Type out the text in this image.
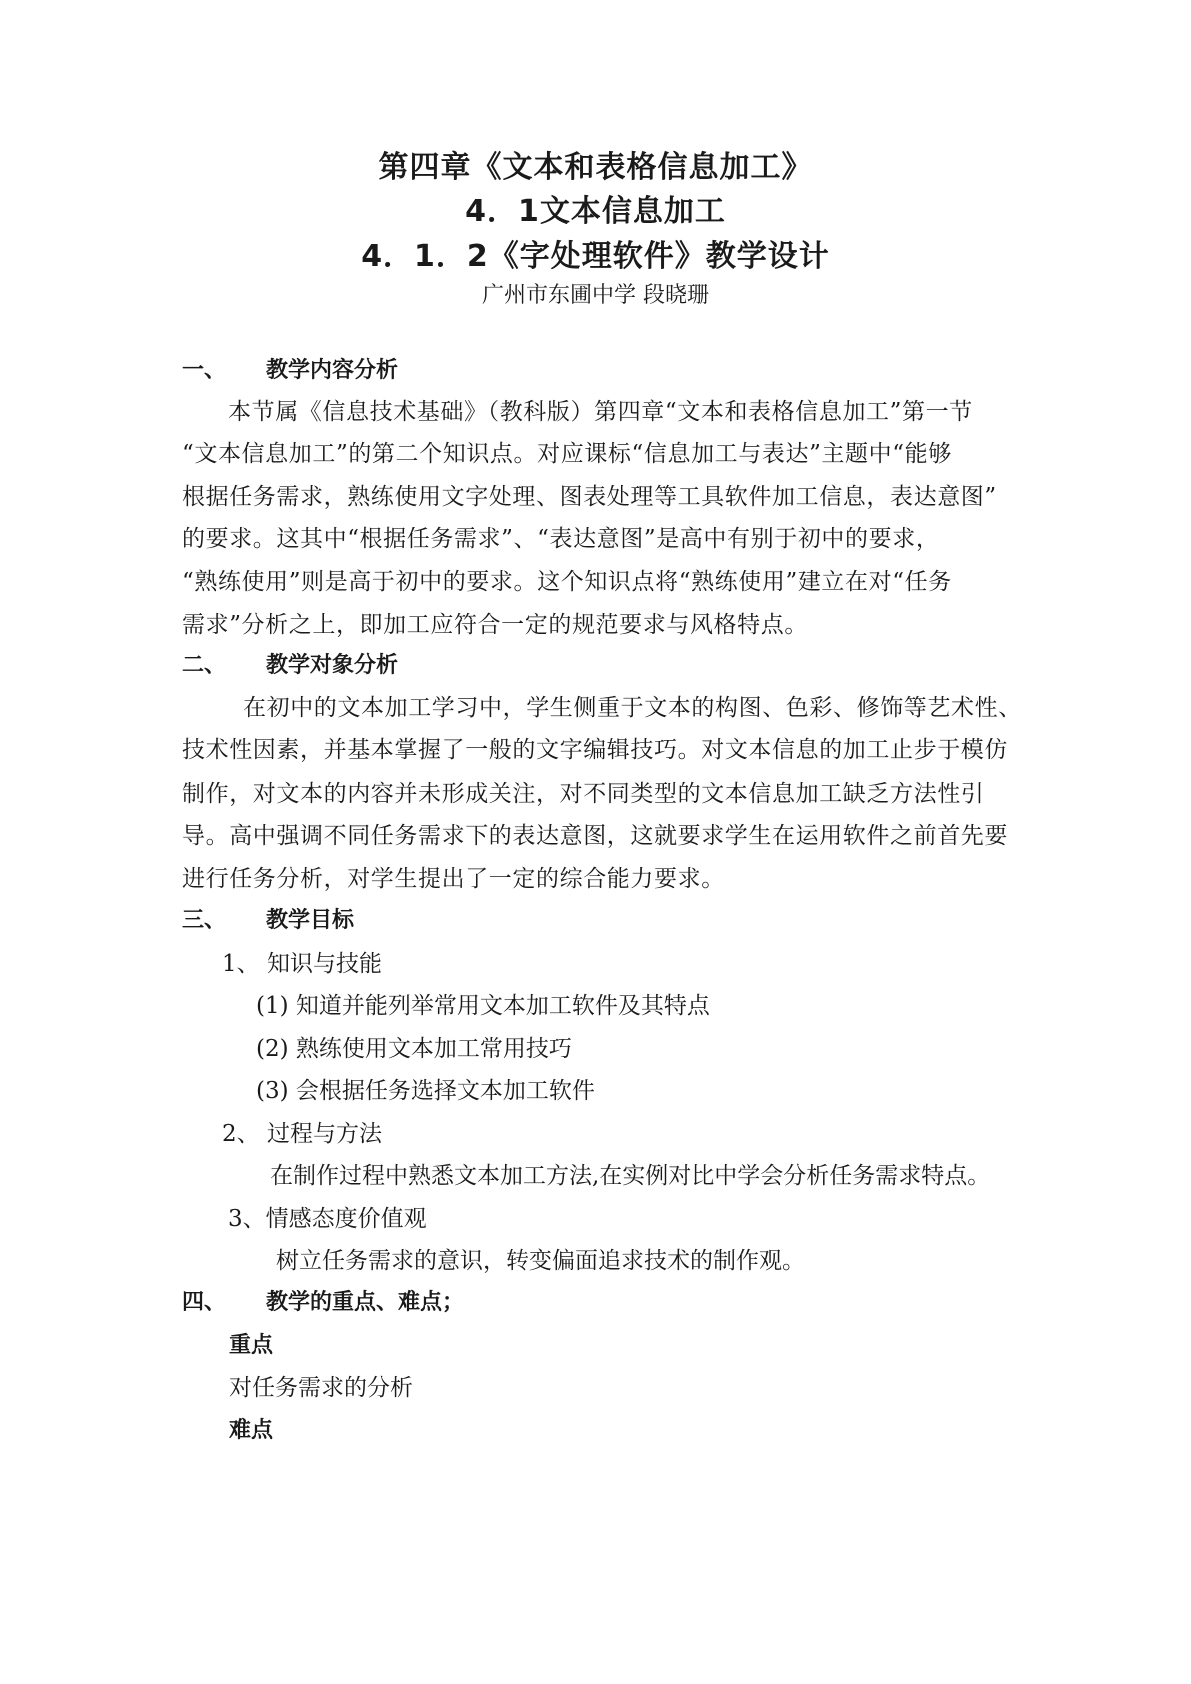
第四章《文本和表格信息加工》
4．1文本信息加工
4．1．2《字处理软件》教学设计
广州市东圃中学 段晓珊
一、 教学内容分析
本节属《信息技术基础》（教科版）第四章“文本和表格信息加工”第一节
“文本信息加工”的第二个知识点。对应课标“信息加工与表达”主题中“能够
根据任务需求，熟练使用文字处理、图表处理等工具软件加工信息，表达意图”
的要求。这其中“根据任务需求”、“表达意图”是高中有别于初中的要求，
“熟练使用”则是高于初中的要求。这个知识点将“熟练使用”建立在对“任务
需求”分析之上，即加工应符合一定的规范要求与风格特点。
二、 教学对象分析
在初中的文本加工学习中，学生侧重于文本的构图、色彩、修饰等艺术性、
技术性因素，并基本掌握了一般的文字编辑技巧。对文本信息的加工止步于模仿
制作，对文本的内容并未形成关注，对不同类型的文本信息加工缺乏方法性引
导。高中强调不同任务需求下的表达意图，这就要求学生在运用软件之前首先要
进行任务分析，对学生提出了一定的综合能力要求。
三、 教学目标
1、 知识与技能
(1) 知道并能列举常用文本加工软件及其特点
(2) 熟练使用文本加工常用技巧
(3) 会根据任务选择文本加工软件
2、 过程与方法
在制作过程中熟悉文本加工方法,在实例对比中学会分析任务需求特点。
3、情感态度价值观
树立任务需求的意识，转变偏面追求技术的制作观。
四、 教学的重点、难点；
重点
对任务需求的分析
难点
